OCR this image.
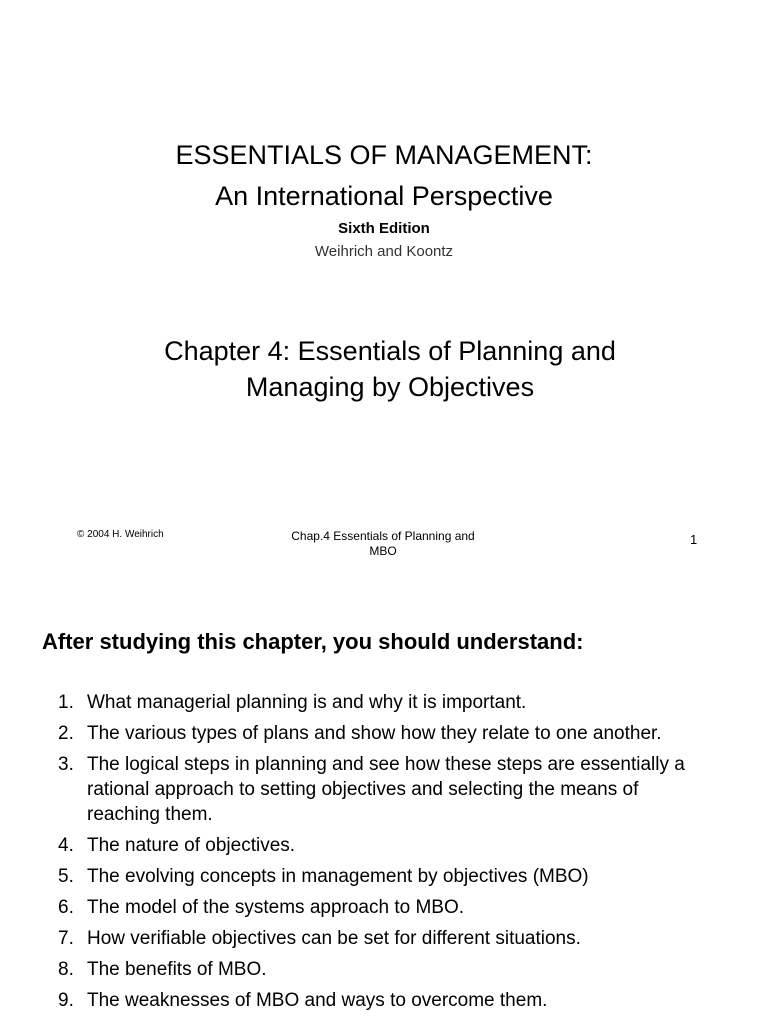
ESSENTIALS OF MANAGEMENT:
An International Perspective
Sixth Edition
Weihrich and Koontz
Chapter 4: Essentials of Planning and
Managing by Objectives
© 2004 H. Weihrich	Chap.4 Essentials of Planning and
MBO
1
After studying this chapter, you should understand:
1. What managerial planning is and why it is important.
2. The various types of plans and show how they relate to one another.
3. The logical steps in planning and see how these steps are essentially a rational approach to setting objectives and selecting the means of reaching them.
4. The nature of objectives.
5. The evolving concepts in management by objectives (MBO)
6. The model of the systems approach to MBO.
7. How verifiable objectives can be set for different situations.
8. The benefits of MBO.
9. The weaknesses of MBO and ways to overcome them.
